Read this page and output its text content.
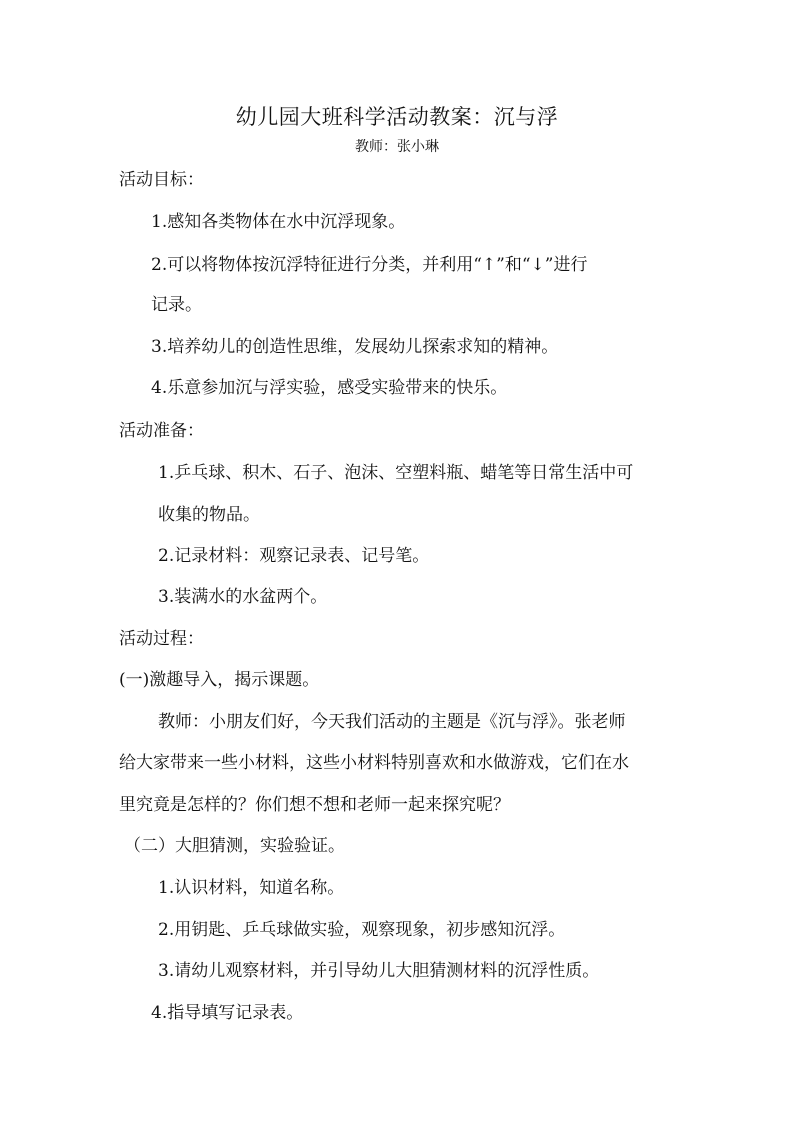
幼儿园大班科学活动教案：沉与浮
教师：张小琳
活动目标：
1.感知各类物体在水中沉浮现象。
2.可以将物体按沉浮特征进行分类，并利用“↑”和“↓”进行
记录。
3.培养幼儿的创造性思维，发展幼儿探索求知的精神。
4.乐意参加沉与浮实验，感受实验带来的快乐。
活动准备：
1.乒乓球、积木、石子、泡沫、空塑料瓶、蜡笔等日常生活中可
收集的物品。
2.记录材料：观察记录表、记号笔。
3.装满水的水盆两个。
活动过程：
(一)激趣导入，揭示课题。
教师：小朋友们好，今天我们活动的主题是《沉与浮》。张老师
给大家带来一些小材料，这些小材料特别喜欢和水做游戏，它们在水
里究竟是怎样的？你们想不想和老师一起来探究呢？
（二）大胆猜测，实验验证。
1.认识材料，知道名称。
2.用钥匙、乒乓球做实验，观察现象，初步感知沉浮。
3.请幼儿观察材料，并引导幼儿大胆猜测材料的沉浮性质。
4.指导填写记录表。
